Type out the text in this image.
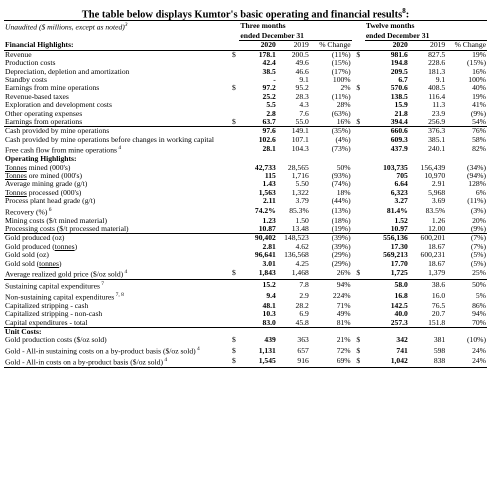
The table below displays Kumtor's basic operating and financial results$^8$:
Unaudited ($ millions, except as noted)$^3$		Three months				Twelve months		
		ended December 31				ended December 31		
Financial Highlights:		2020	2019	% Change		2020	2019	% Change
Revenue	$	178.1	200.5	(11%)	$	981.6	827.5	19%
Production costs		42.4	49.6	(15%)		194.8	228.6	(15%)
Depreciation, depletion and amortization		38.5	46.6	(17%)		209.5	181.3	16%
Standby costs		-	9.1	100%		6.7	9.1	100%
Earnings from mine operations	$	97.2	95.2	2%	$	570.6	408.5	40%
Revenue-based taxes		25.2	28.3	(11%)		138.5	116.4	19%
Exploration and development costs		5.5	4.3	28%		15.9	11.3	41%
Other operating expenses		2.8	7.6	(63%)		21.8	23.9	(9%)
Earnings from operations	$	63.7	55.0	16%	$	394.4	256.9	54%
Cash provided by mine operations		97.6	149.1	(35%)		660.6	376.3	76%
Cash provided by mine operations before changes in working capital		102.6	107.1	(4%)		609.3	385.1	58%
Free cash flow from mine operations $^4$		28.1	104.3	(73%)		437.9	240.1	82%
Operating Highlights:								
Tonnes mined (000's)		42,733	28,565	50%		103,735	156,439	(34%)
Tonnes ore mined (000's)		115	1,716	(93%)		705	10,970	(94%)
Average mining grade (g/t)		1.43	5.50	(74%)		6.64	2.91	128%
Tonnes processed (000's)		1,563	1,322	18%		6,323	5,968	6%
Process plant head grade (g/t)		2.11	3.79	(44%)		3.27	3.69	(11%)
Recovery (%) $^6$		74.2%	85.3%	(13%)		81.4%	83.5%	(3%)
Mining costs ($/t mined material)		1.23	1.50	(18%)		1.52	1.26	20%
Processing costs ($/t processed material)		10.87	13.48	(19%)		10.97	12.00	(9%)
Gold produced (oz)		90,402	148,523	(39%)		556,136	600,201	(7%)
Gold produced (tonnes)		2.81	4.62	(39%)		17.30	18.67	(7%)
Gold sold (oz)		96,641	136,568	(29%)		569,213	600,231	(5%)
Gold sold (tonnes)		3.01	4.25	(29%)		17.70	18.67	(5%)
Average realized gold price ($/oz sold) $^4$	$	1,843	1,468	26%	$	1,725	1,379	25%
Sustaining capital expenditures $^7$		15.2	7.8	94%		58.0	38.6	50%
Non-sustaining capital expenditures $^{7, 8}$		9.4	2.9	224%		16.8	16.0	5%
Capitalized stripping - cash		48.1	28.2	71%		142.5	76.5	86%
Capitalized stripping - non-cash		10.3	6.9	49%		40.0	20.7	94%
Capital expenditures - total		83.0	45.8	81%		257.3	151.8	70%
Unit Costs:								
Gold production costs ($/oz sold)	$	439	363	21%	$	342	381	(10%)
Gold - All-in sustaining costs on a by-product basis ($/oz sold) $^4$	$	1,131	657	72%	$	741	598	24%
Gold - All-in costs on a by-product basis ($/oz sold) $^4$	$	1,545	916	69%	$	1,042	838	24%
